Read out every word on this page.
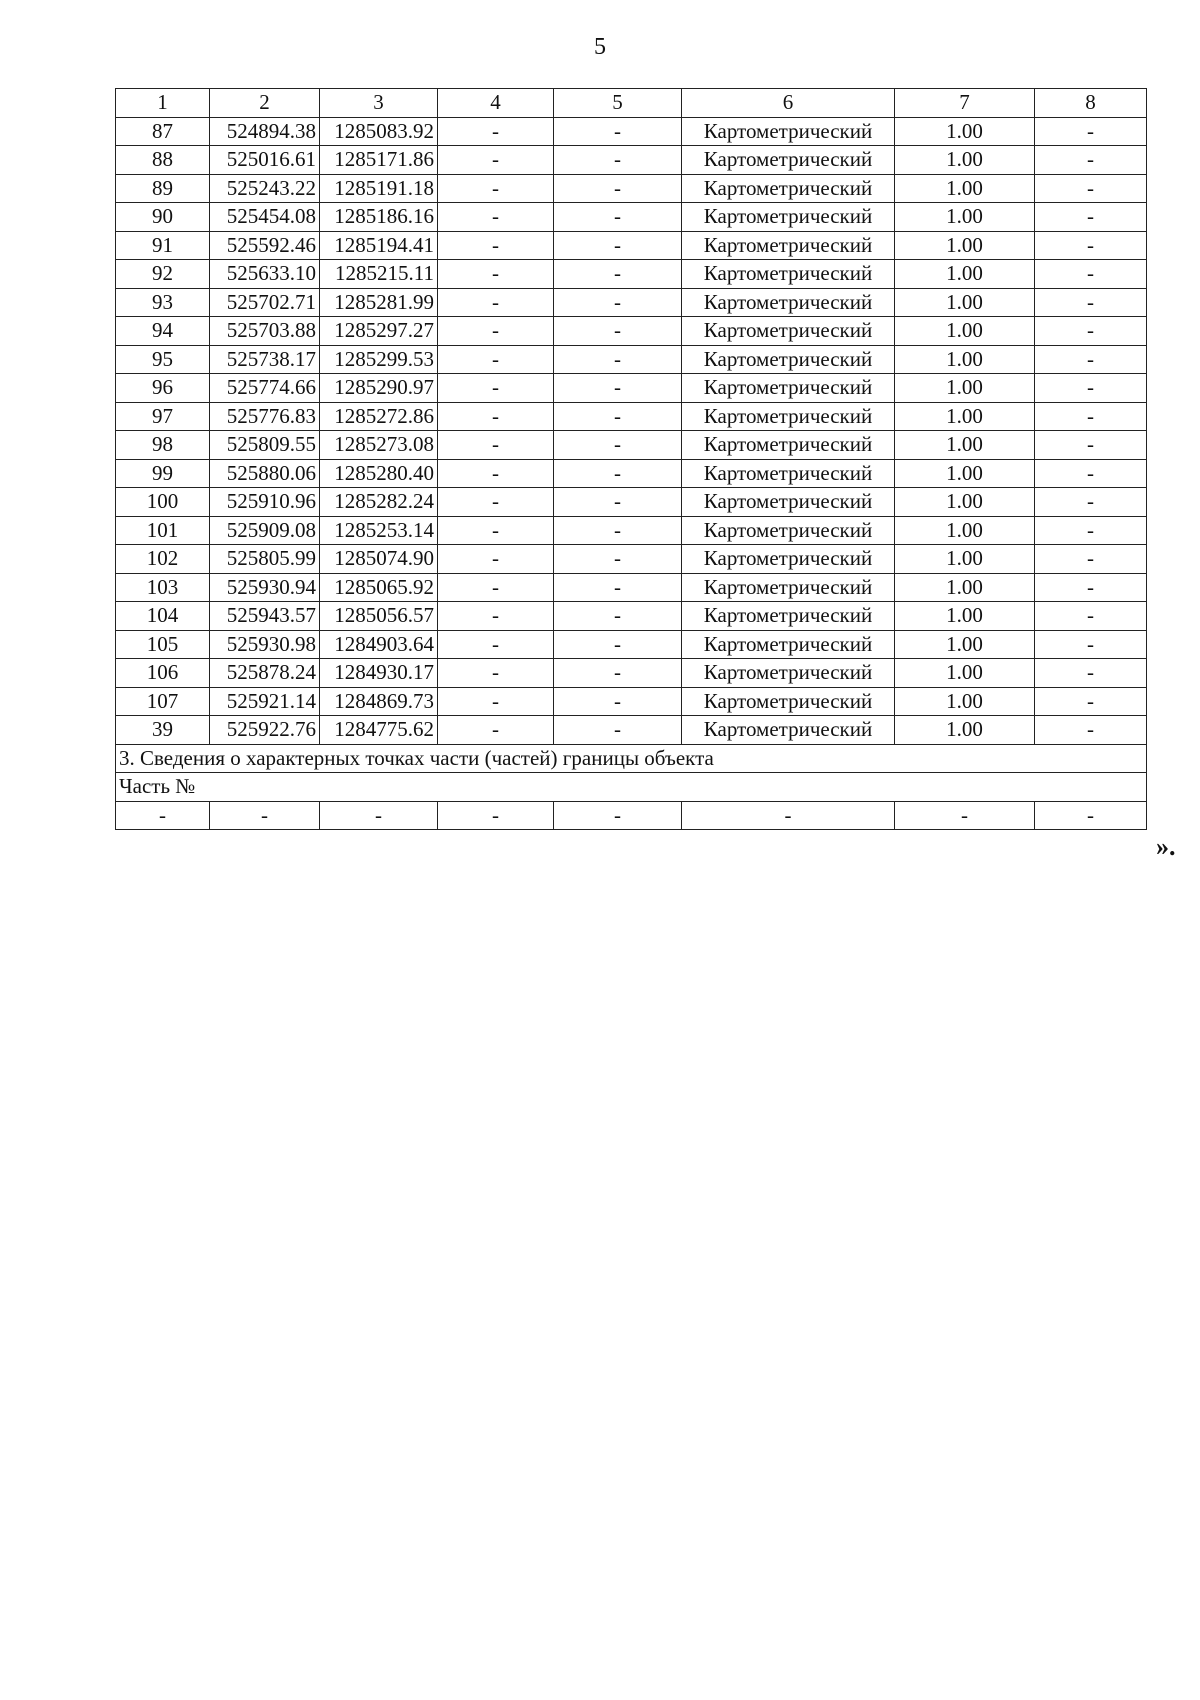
5
1	2	3	4	5	6	7	8
87	524894.38	1285083.92	-	-	Картометрический	1.00	-
88	525016.61	1285171.86	-	-	Картометрический	1.00	-
89	525243.22	1285191.18	-	-	Картометрический	1.00	-
90	525454.08	1285186.16	-	-	Картометрический	1.00	-
91	525592.46	1285194.41	-	-	Картометрический	1.00	-
92	525633.10	1285215.11	-	-	Картометрический	1.00	-
93	525702.71	1285281.99	-	-	Картометрический	1.00	-
94	525703.88	1285297.27	-	-	Картометрический	1.00	-
95	525738.17	1285299.53	-	-	Картометрический	1.00	-
96	525774.66	1285290.97	-	-	Картометрический	1.00	-
97	525776.83	1285272.86	-	-	Картометрический	1.00	-
98	525809.55	1285273.08	-	-	Картометрический	1.00	-
99	525880.06	1285280.40	-	-	Картометрический	1.00	-
100	525910.96	1285282.24	-	-	Картометрический	1.00	-
101	525909.08	1285253.14	-	-	Картометрический	1.00	-
102	525805.99	1285074.90	-	-	Картометрический	1.00	-
103	525930.94	1285065.92	-	-	Картометрический	1.00	-
104	525943.57	1285056.57	-	-	Картометрический	1.00	-
105	525930.98	1284903.64	-	-	Картометрический	1.00	-
106	525878.24	1284930.17	-	-	Картометрический	1.00	-
107	525921.14	1284869.73	-	-	Картометрический	1.00	-
39	525922.76	1284775.62	-	-	Картометрический	1.00	-
3. Сведения о характерных точках части (частей) границы объекта							
Часть №							
-	-	-	-	-	-	-	-
».
